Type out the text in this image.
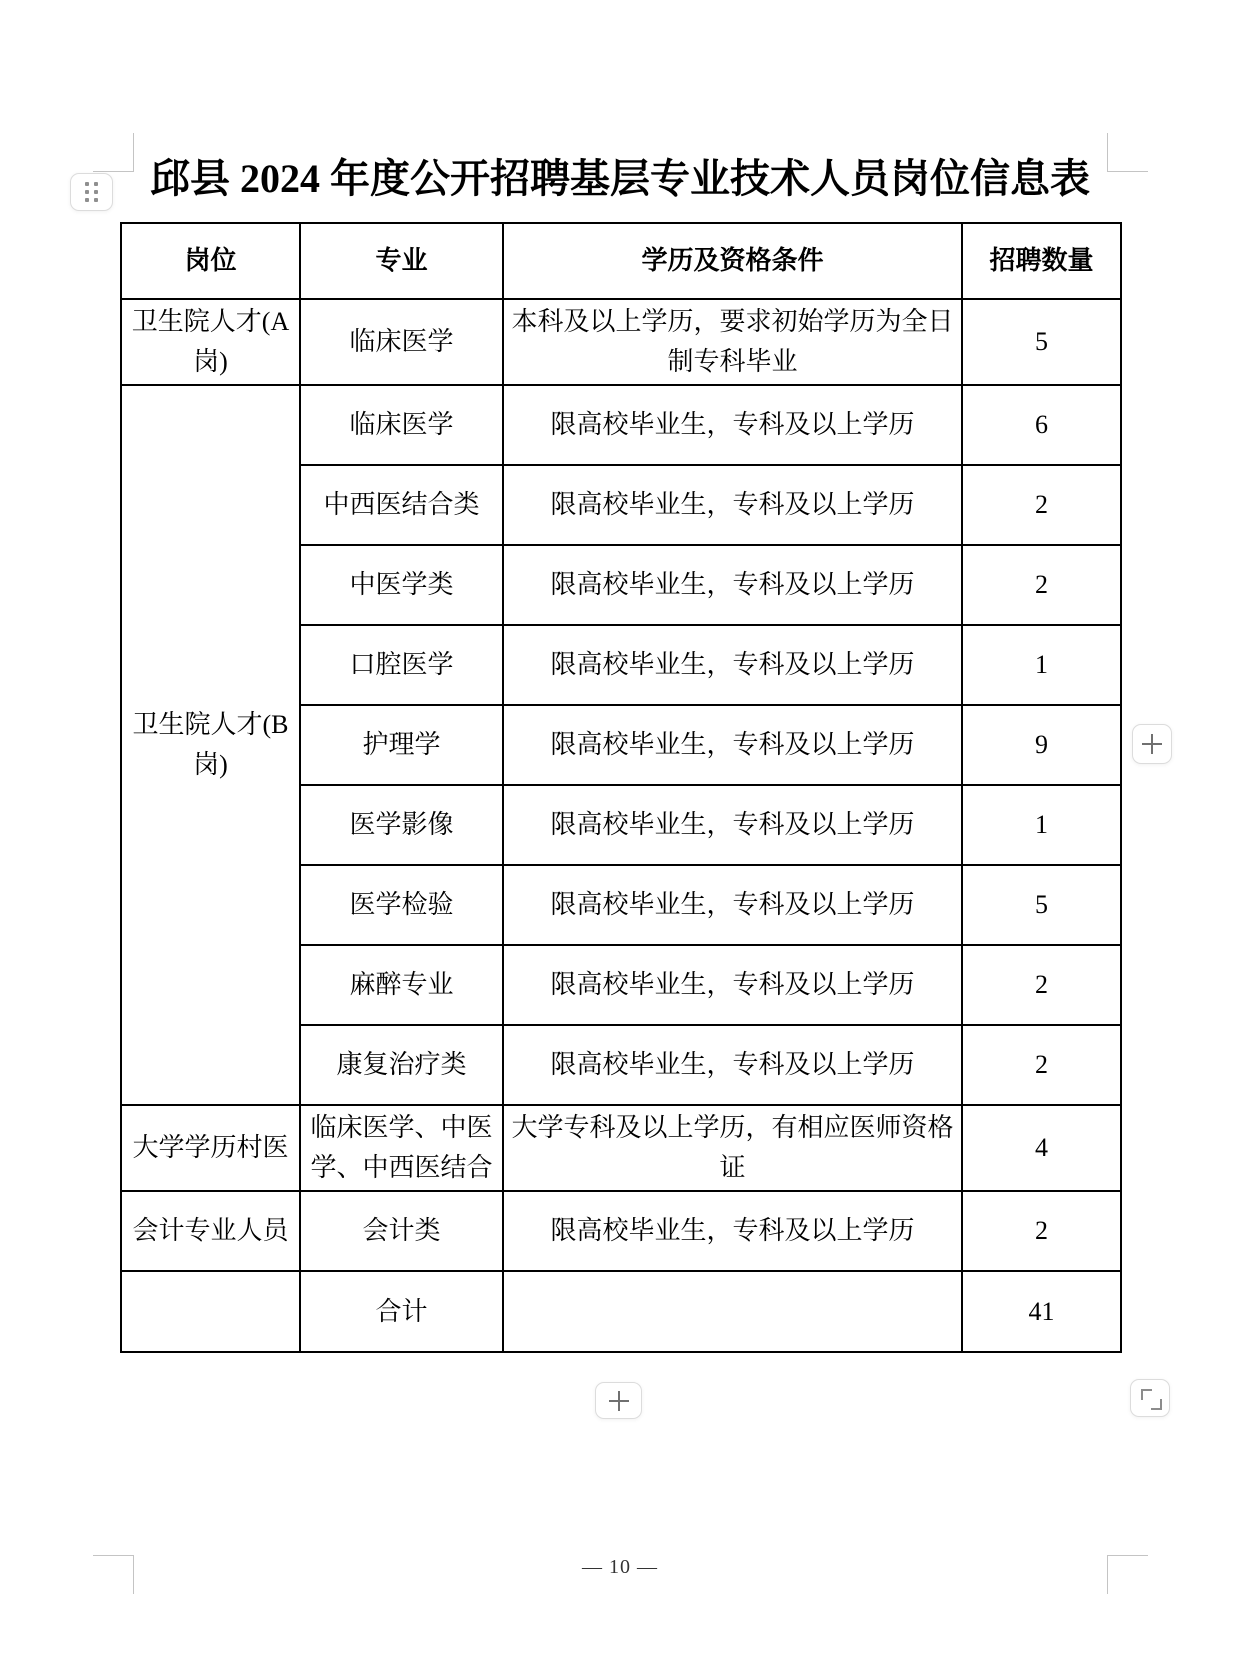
邱县 2024 年度公开招聘基层专业技术人员岗位信息表
岗位	专业	学历及资格条件	招聘数量
卫生院人才(A岗)	临床医学	本科及以上学历，要求初始学历为全日制专科毕业	5
卫生院人才(B岗)	临床医学	限高校毕业生，专科及以上学历	6
	中西医结合类	限高校毕业生，专科及以上学历	2
	中医学类	限高校毕业生，专科及以上学历	2
	口腔医学	限高校毕业生，专科及以上学历	1
	护理学	限高校毕业生，专科及以上学历	9
	医学影像	限高校毕业生，专科及以上学历	1
	医学检验	限高校毕业生，专科及以上学历	5
	麻醉专业	限高校毕业生，专科及以上学历	2
	康复治疗类	限高校毕业生，专科及以上学历	2
大学学历村医	临床医学、中医学、中西医结合	大学专科及以上学历，有相应医师资格证	4
会计专业人员	会计类	限高校毕业生，专科及以上学历	2
	合计		41
— 10 —
